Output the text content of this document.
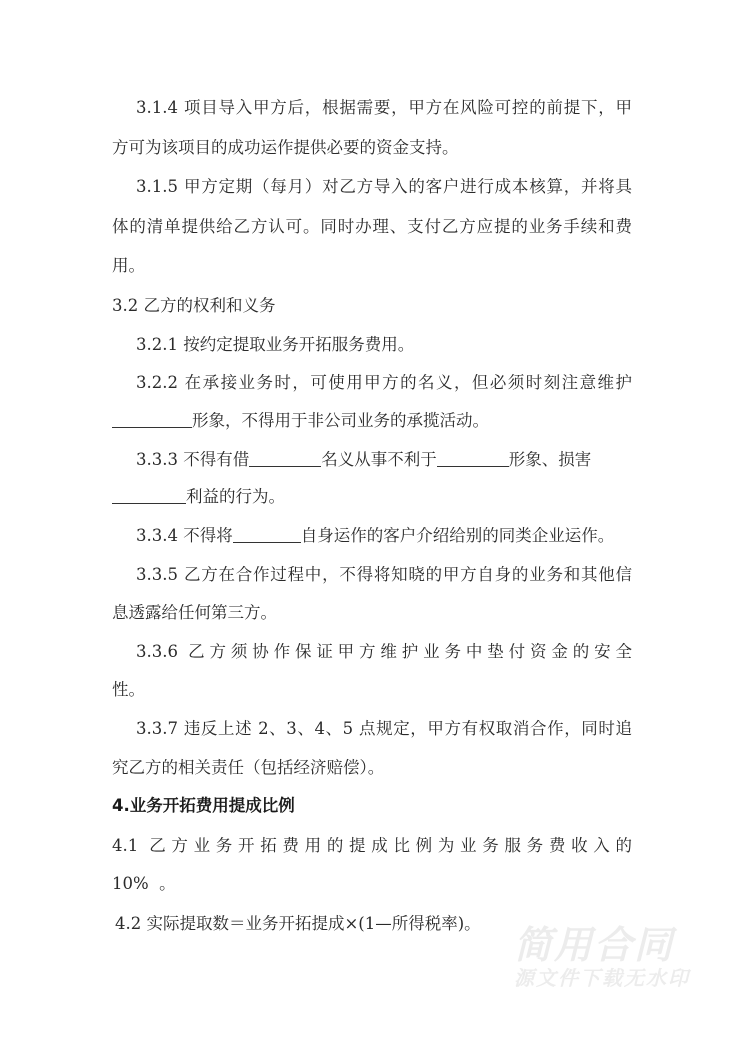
3.1.4 项目导入甲方后，根据需要，甲方在风险可控的前提下，甲
方可为该项目的成功运作提供必要的资金支持。
3.1.5 甲方定期（每月）对乙方导入的客户进行成本核算，并将具
体的清单提供给乙方认可。同时办理、支付乙方应提的业务手续和费
用。
3.2 乙方的权利和义务
3.2.1 按约定提取业务开拓服务费用。
3.2.2 在承接业务时，可使用甲方的名义，但必须时刻注意维护
形象，不得用于非公司业务的承揽活动。
3.3.3 不得有借	名义从事不利于	形象、损害
利益的行为。
3.3.4 不得将	自身运作的客户介绍给别的同类企业运作。
3.3.5 乙方在合作过程中，不得将知晓的甲方自身的业务和其他信
息透露给任何第三方。
3.3.6 乙方须协作保证甲方维护业务中垫付资金的安全
性。
3.3.7 违反上述 2、3、4、5 点规定，甲方有权取消合作，同时追
究乙方的相关责任（包括经济赔偿）。
4.业务开拓费用提成比例
4.1 乙方业务开拓费用的提成比例为业务服务费收入的
10%  。
4.2 实际提取数＝业务开拓提成×(1—所得税率)。 简用合同
源文件下载无水印
